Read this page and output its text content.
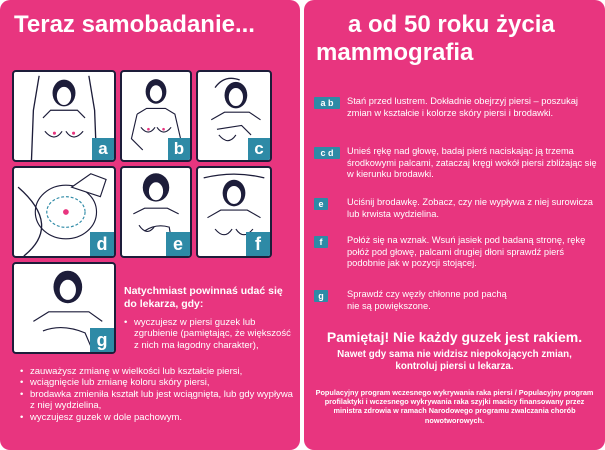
Teraz samobadanie...
a	b	c
d	e	f
g
Natychmiast powinnaś udać się do lekarza, gdy:
• wyczujesz w piersi guzek lub zgrubienie (pamiętając, że większość z nich ma łagodny charakter),
• zauważysz zmianę w wielkości lub kształcie piersi,
• wciągnięcie lub zmianę koloru skóry piersi,
• brodawka zmieniła kształt lub jest wciągnięta, lub gdy wypływa z niej wydzielina,
• wyczujesz guzek w dole pachowym.
a od 50 roku życia
mammografia
a b	Stań przed lustrem. Dokładnie obejrzyj piersi – poszukaj zmian w kształcie i kolorze skóry piersi i brodawki.
c d	Unieś rękę nad głowę, badaj pierś naciskając ją trzema środkowymi palcami, zataczaj kręgi wokół piersi zbliżając się w kierunku brodawki.
e	Uciśnij brodawkę. Zobacz, czy nie wypływa z niej surowicza lub krwista wydzielina.
f	Połóż się na wznak. Wsuń jasiek pod badaną stronę, rękę połóż pod głowę, palcami drugiej dłoni sprawdź pierś podobnie jak w pozycji stojącej.
g	Sprawdź czy węzły chłonne pod pachą nie są powiększone.
Pamiętaj! Nie każdy guzek jest rakiem.
Nawet gdy sama nie widzisz niepokojących zmian, kontroluj piersi u lekarza.
Populacyjny program wczesnego wykrywania raka piersi / Populacyjny program profilaktyki i wczesnego wykrywania raka szyjki macicy finansowany przez ministra zdrowia w ramach Narodowego programu zwalczania chorób nowotworowych.
